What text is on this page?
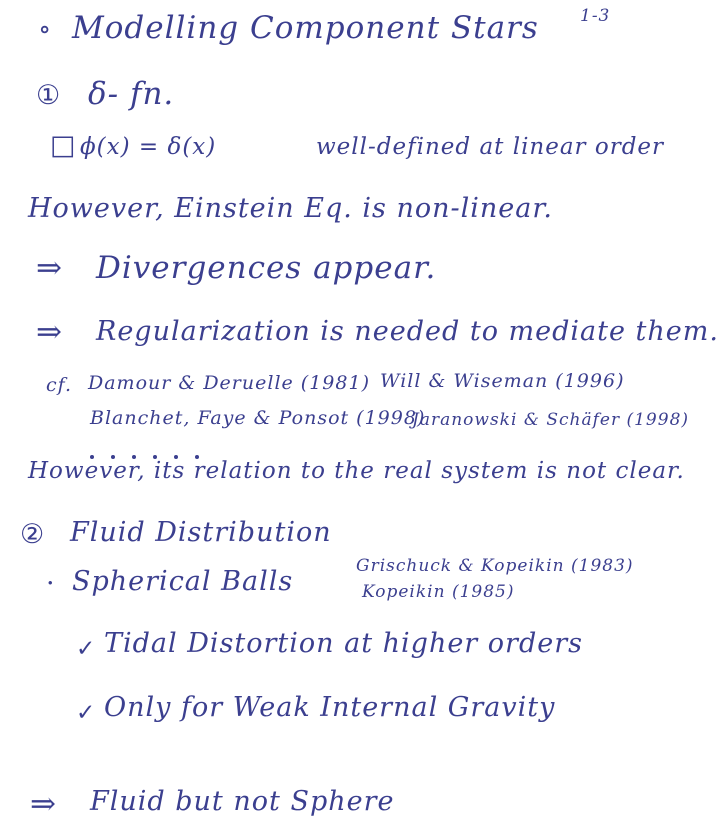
1-3
∘ Modelling Component Stars
① δ- fn.
□ ϕ(x) = δ(x)	well-defined at linear order
However, Einstein Eq. is non-linear.
⇒ Divergences appear.
⇒ Regularization is needed to mediate them.
cf. Damour & Deruelle (1981) Will & Wiseman (1996)
Blanchet, Faye & Ponsot (1998)
Jaranowski & Schäfer (1998)
However, its relation to the real system is not clear.
② Fluid Distribution
· Spherical Balls	Grischuck & Kopeikin (1983)
Kopeikin (1985)
✓ Tidal Distortion at higher orders
✓ Only for Weak Internal Gravity
⇒ Fluid but not Sphere
